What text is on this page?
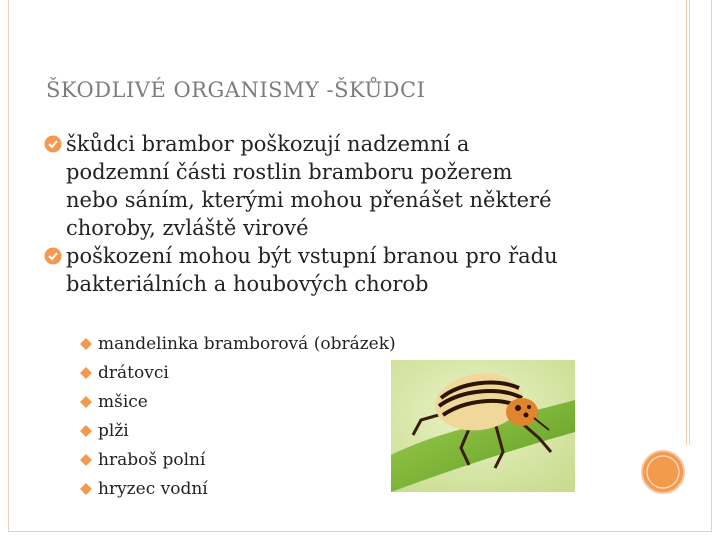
ŠKODLIVÉ ORGANISMY -ŠKŮDCI
škůdci brambor poškozují nadzemní a
podzemní části rostlin bramboru požerem
nebo sáním, kterými mohou přenášet některé
choroby, zvláště virové
poškození mohou být vstupní branou pro řadu
bakteriálních a houbových chorob
mandelinka bramborová (obrázek)
drátovci
mšice
plži
hraboš polní
hryzec vodní
